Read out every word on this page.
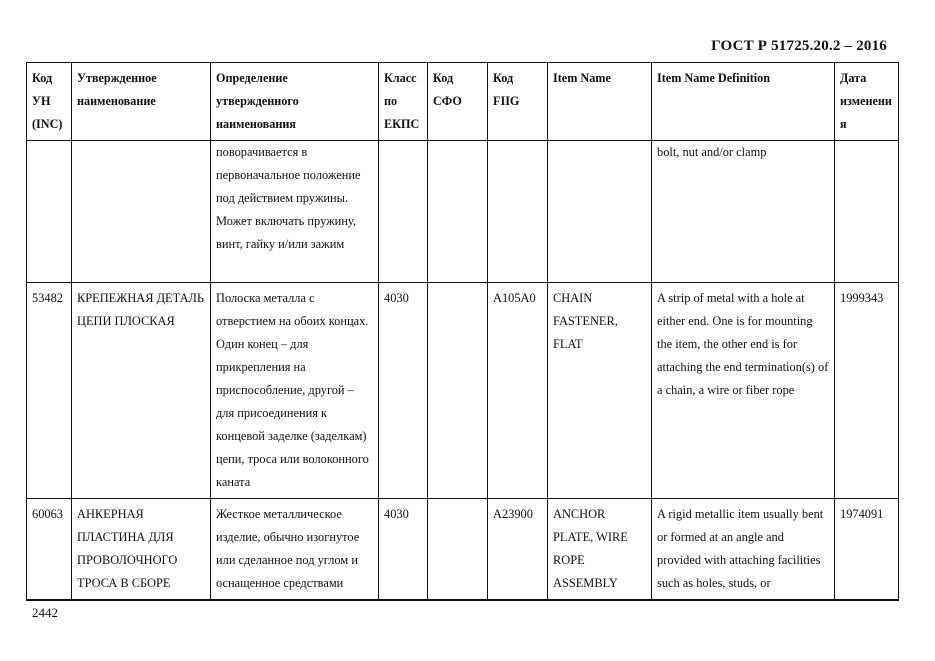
ГОСТ Р 51725.20.2 – 2016
Код УН (INC)	Утвержденное наименование	Определение утвержденного наименования	Класс по ЕКПС	Код СФО	Код FIIG	Item Name	Item Name Definition	Дата изменения
		поворачивается в первоначальное положение под действием пружины. Может включать пружину, винт, гайку и/или зажим					bolt, nut and/or clamp	
53482	КРЕПЕЖНАЯ ДЕТАЛЬ ЦЕПИ ПЛОСКАЯ	Полоска металла с отверстием на обоих концах. Один конец – для прикрепления на приспособление, другой – для присоединения к концевой заделке (заделкам) цепи, троса или волоконного каната	4030		A105A0	CHAIN FASTENER, FLAT	A strip of metal with a hole at either end. One is for mounting the item, the other end is for attaching the end termination(s) of a chain, a wire or fiber rope	1999343
60063	АНКЕРНАЯ ПЛАСТИНА ДЛЯ ПРОВОЛОЧНОГО ТРОСА В СБОРЕ	Жесткое металлическое изделие, обычно изогнутое или сделанное под углом и оснащенное средствами	4030		A23900	ANCHOR PLATE, WIRE ROPE ASSEMBLY	A rigid metallic item usually bent or formed at an angle and provided with attaching facilities such as holes, studs, or	1974091
2442
